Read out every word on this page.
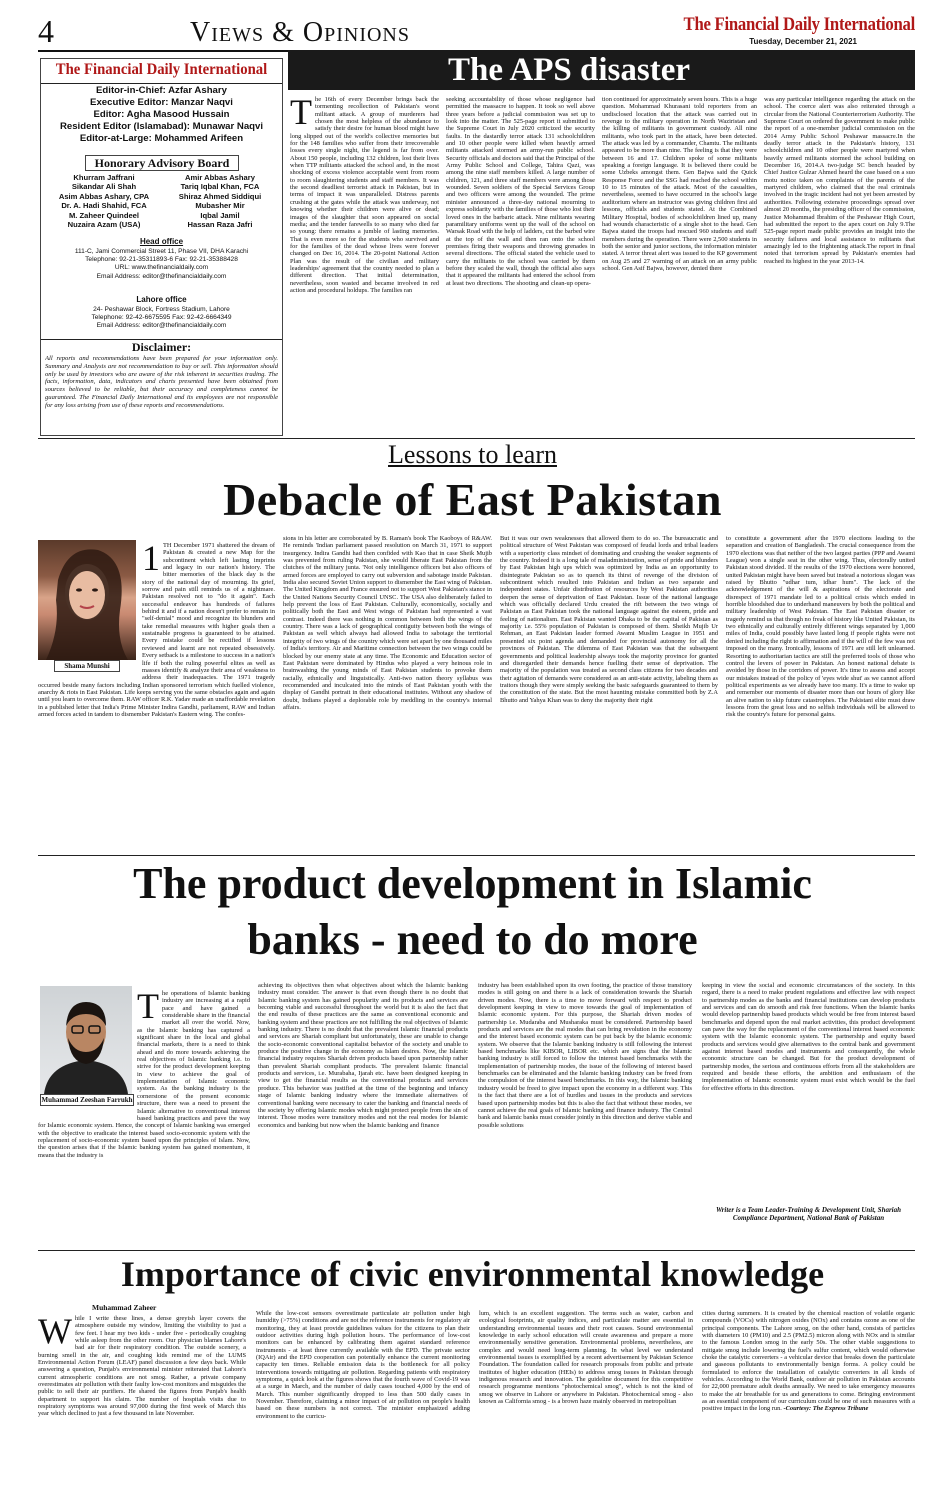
4	Views & Opinions	The Financial Daily International
Tuesday, December 21, 2021
The Financial Daily International
Editor-in-Chief: Azfar Ashary
Executive Editor: Manzar Naqvi
Editor: Agha Masood Hussain
Resident Editor (Islamabad): Munawar Naqvi
Editor-at-Large: Mohammed Arifeen
Honorary Advisory Board
Khurram Jaffrani
Sikandar Ali Shah
Asim Abbas Ashary, CPA
Dr. A. Hadi Shahid, FCA
M. Zaheer Quindeel
Nuzaira Azam (USA)
Amir Abbas Ashary
Tariq Iqbal Khan, FCA
Shiraz Ahmed Siddiqui
Mubasher Mir
Iqbal Jamil
Hassan Raza Jafri
Head office
111-C, Jami Commercial Street 11, Phase VII, DHA Karachi
Telephone: 92-21-35311893-6 Fax: 92-21-35388428
URL: www.thefinancialdaily.com
Email Address: editor@thefinancialdaily.com
Lahore office
24- Peshawar Block, Fortress Stadium, Lahore
Telephone: 92-42-6675595 Fax: 92-42-6664349
Email Address: editor@thefinancialdaily.com
Disclaimer:
All reports and recommendations have been prepared for your information only. Summary and Analysis are not recommendation to buy or sell. This information should only be used by investors who are aware of the risk inherent in securities trading. The facts, information, data, indicators and charts presented have been obtained from sources believed to be reliable, but their accuracy and completeness cannot be guaranteed. The Financial Daily International and its employees are not responsible for any loss arising from use of these reports and recommendations.
The APS disaster
The 16th of every December brings back the tormenting recollection of Pakistan's worst militant attack. A group of murderers had chosen the most helpless of the abundance to satisfy their desire for human blood might have long slipped out of the world's collective memories but for the 148 families who suffer from their irrecoverable losses every single night, the legend is far from over. About 150 people, including 132 children, lost their lives when TTP militants attacked the school and, in the most shocking of excess violence acceptable went from room to room slaughtering students and staff members. It was the second deadliest terrorist attack in Pakistan, but in terms of impact it was unparalleled. Distress parents crushing at the gates while the attack was underway, not knowing whether their children were alive or dead; images of the slaughter that soon appeared on social media; and the tender farewells to so many who died far so young: there remains a jumble of lasting memories. That is even more so for the students who survived and for the families of the dead whose lives were forever changed on Dec 16, 2014. The 20-point National Action Plan was the result of the civilian and military leaderships' agreement that the country needed to plan a different direction. That initial determination, nevertheless, soon wasted and became involved in red action and procedural holdups. The families ran
seeking accountability of those whose negligence had permitted the massacre to happen. It took so well above three years before a judicial commission was set up to look into the matter. The 525-page report it submitted to the Supreme Court in July 2020 criticized the security faults. In the dastardly terror attack 131 schoolchildren and 10 other people were killed when heavily armed militants attacked stormed an army-run public school. Security officials and doctors said that the Principal of the Army Public School and College, Tahira Qazi, was among the nine staff members killed. A large number of children, 121, and three staff members were among those wounded. Seven soldiers of the Special Services Group and two officers were among the wounded. The prime minister announced a three-day national mourning to express solidarity with the families of those who lost their loved ones in the barbaric attack. Nine militants wearing paramilitary uniforms went up the wall of the school on Warsak Road with the help of ladders, cut the barbed wire at the top of the wall and then ran onto the school premises firing their weapons and throwing grenades in several directions. The official stated the vehicle used to carry the militants to the school was carried by them before they scaled the wall, though the official also says that it appeared the militants had entered the school from at least two directions. The shooting and clean-up opera-
tion continued for approximately seven hours. This is a huge question. Mohammad Khurasani told reporters from an undisclosed location that the attack was carried out in revenge to the military operation in North Waziristan and the killing of militants in government custody. All nine militants, who took part in the attack, have been detected. The attack was led by a commander, Chamtu. The militants appeared to be more than nine. The feeling is that they were between 16 and 17. Children spoke of some militants speaking a foreign language. It is believed there could be some Uzbeks amongst them. Gen Bajwa said the Quick Response Force and the SSG had reached the school within 10 to 15 minutes of the attack. Most of the casualties, nevertheless, seemed to have occurred in the school's large auditorium where an instructor was giving children first aid lessons, officials and students stated. At the Combined Military Hospital, bodies of schoolchildren lined up, many had wounds characteristic of a single shot to the head. Gen Bajwa stated the troops had rescued 960 students and staff members during the operation. There were 2,500 students in both the senior and junior sections, the information minister stated. A terror threat alert was issued to the KP government on Aug 25 and 27 warning of an attack on an army public school. Gen Asif Bajwa, however, denied there
was any particular intelligence regarding the attack on the school. The coerce alert was also reiterated through a circular from the National Counterterrorism Authority. The Supreme Court on ordered the government to make public the report of a one-member judicial commission on the 2014 Army Public School Peshawar massacre.In the deadly terror attack in the Pakistan's history, 131 schoolchildren and 10 other people were martyred when heavily armed militants stormed the school building on December 16, 2014.A two-judge SC bench headed by Chief Justice Gulzar Ahmed heard the case based on a suo motu notice taken on complaints of the parents of the martyred children, who claimed that the real criminals involved in the tragic incident had not yet been arrested by authorities. Following extensive proceedings spread over almost 20 months, the presiding officer of the commission, Justice Mohammad Ibrahim of the Peshawar High Court, had submitted the report to the apex court on July 9.The 525-page report made public provides an insight into the security failures and local assistance to militants that amazingly led to the frightening attack.The report in final noted that terrorism spread by Pakistan's enemies had reached its highest in the year 2013-14.
Lessons to learn
Debacle of East Pakistan
Shama Munshi
1 TH December 1971 shattered the dream of Pakistan & created a new Map for the subcontinent which left lasting imprints and legacy in our nation's history. The bitter memories of the black day is the story of the national day of mourning. Its grief, sorrow and pain still reminds us of a nightmare. Pakistan resolved not to "do it again". Each successful endeavor has hundreds of failures behind it and if a nation doesn't prefer to remain in "self-denial" mood and recognize its blunders and take remedial measures with higher goals then a sustainable progress is guaranteed to be attained. Every mistake could be rectified if lessons reviewed and learnt are not repeated obsessively. Every setback is a milestone to success in a nation's life if both the ruling powerful elites as well as masses identify & analyze their area of weakness to address their inadequacies. The 1971 tragedy occurred beside many factors including Indian sponsored terrorism which fuelled violence, anarchy & riots in East Pakistan. Life keeps serving you the same obstacles again and again until you learn to overcome them. RAW officer R.K. Yadav made an unaffordable revelation in a published letter that India's Prime Minister Indira Gandhi, parliament, RAW and Indian armed forces acted in tandem to dismember Pakistan's Eastern wing. The confes-
sions in his letter are corroborated by B. Raman's book The Kaoboys of R&AW. He reminds 'Indian parliament passed resolution on March 31, 1971 to support insurgency. Indira Gandhi had then confided with Kao that in case Sheik Mujib was prevented from ruling Pakistan, she would liberate East Pakistan from the clutches of the military junta. 'Not only intelligence officers but also officers of armed forces are employed to carry out subversion and sabotage inside Pakistan. India also secured Soviet Union support to dismember the East wing of Pakistan. The United Kingdom and France ensured not to support West Pakistan's stance in the United Nations Security Council UNSC. The USA also deliberately failed to help prevent the loss of East Pakistan. Culturally, economically, socially and politically both the East and West wings of Pakistan had represented a vast contrast. Indeed there was nothing in common between both the wings of the country. There was a lack of geographical contiguity between both the wings of Pakistan as well which always had allowed India to sabotage the territorial integrity of two wings of the country which were set apart by one thousand miles of India's territory. Air and Maritime connection between the two wings could be blocked by our enemy state at any time. The Economic and Education sector of East Pakistan were dominated by Hindus who played a very heinous role in brainwashing the young minds of East Pakistan students to provoke them racially, ethnically and linguistically. Anti-two nation theory syllabus was recommended and inculcated into the minds of East Pakistan youth with the display of Gandhi portrait in their educational institutes. Without any shadow of doubt, Indians played a deplorable role by meddling in the country's internal affairs.
But it was our own weaknesses that allowed them to do so. The bureaucratic and political structure of West Pakistan was composed of feudal lords and tribal leaders with a superiority class mindset of dominating and crushing the weaker segments of the country. Indeed it is a long tale of maladministration, sense of pride and blunders by East Pakistan high ups which was optimized by India as an opportunity to disintegrate Pakistan so as to quench its thirst of revenge of the division of subcontinent which resulted into Pakistan and Indian as two separate and independent states. Unfair distribution of resources by West Pakistan authorities deepen the sense of deprivation of East Pakistan. Issue of the national language which was officially declared Urdu created the rift between the two wings of Pakistan as East Pakistan took the national language against the esteem, pride and feeling of nationalism. East Pakistan wanted Dhaka to be the capital of Pakistan as majority i.e. 55% population of Pakistan is composed of them. Sheikh Mujib Ur Rehman, an East Pakistan leader formed Awami Muslim League in 1951 and presented six point agenda and demanded for provincial autonomy for all the provinces of Pakistan. The dilemma of East Pakistan was that the subsequent governments and political leadership always took the majority province for granted and disregarded their demands hence fuelling their sense of deprivation. The majority of the population was treated as second class citizens for two decades and their agitation of demands were considered as an anti-state activity, labeling them as traitors though they were simply seeking the basic safeguards guaranteed to them by the constitution of the state. But the most haunting mistake committed both by Z.A Bhutto and Yahya Khan was to deny the majority their right
to constitute a government after the 1970 elections leading to the separation and creation of Bangladesh. The crucial consequence from the 1970 elections was that neither of the two largest parties (PPP and Awami League) won a single seat in the other wing. Thus, electorally united Pakistan stood divided. If the results of the 1970 elections were honored, united Pakistan might have been saved but instead a notorious slogan was raised by Bhutto "udhar tum, idhar hum". The lack of the acknowledgement of the will & aspirations of the electorate and disrespect of 1971 mandate led to a political crisis which ended in horrible bloodshed due to underhand maneuvers by both the political and military leadership of West Pakistan. The East Pakistan disaster or tragedy remind us that though no freak of history like United Pakistan, its two ethnically and culturally entirely different wings separated by 1,000 miles of India, could possibly have lasted long if people rights were not denied including the right to affirmation and if the will of the few was not imposed on the many. Ironically, lessons of 1971 are still left unlearned. Resorting to authoritarian tactics are still the preferred tools of those who control the levers of power in Pakistan. An honest national debate is avoided by those in the corridors of power. It's time to assess and accept our mistakes instead of the policy of 'eyes wide shut' as we cannot afford political experiments as we already have too many. It's a time to wake up and remember our moments of disaster more than our hours of glory like an alive nation to skip future catastrophes. The Pakistani elite must draw lessons from the great loss and no selfish individuals will be allowed to risk the country's future for personal gains.
The product development in Islamic
banks - need to do more
Muhammad Zeeshan Farrukh
The operations of Islamic banking industry are increasing at a rapid pace and have gained a considerable share in the financial market all over the world. Now, as the Islamic banking has captured a significant share in the local and global financial markets, there is a need to think ahead and do more towards achieving the real objectives of Islamic banking i.e. to strive for the product development keeping in view to achieve the goal of implementation of Islamic economic system. As the banking industry is the cornerstone of the present economic structure, there was a need to present the Islamic alternative to conventional interest based banking practices and pave the way for Islamic economic system. Hence, the concept of Islamic banking was emerged with the objective to eradicate the interest based socio-economic system with the replacement of socio-economic system based upon the principles of Islam. Now, the question arises that if the Islamic banking system has gained momentum, it means that the industry is
achieving its objectives then what objectives about which the Islamic banking industry must consider. The answer is that even though there is no doubt that Islamic banking system has gained popularity and its products and services are becoming viable and successful throughout the world but it is also the fact that the end results of these practices are the same as conventional economic and banking system and these practices are not fulfilling the real objectives of Islamic banking industry. There is no doubt that the prevalent Islamic financial products and services are Shariah compliant but unfortunately, these are unable to change the socio-economic conventional capitalist behavior of the society and unable to produce the positive change in the economy as Islam desires. Now, the Islamic financial industry requires Shariah driven products based upon partnership rather than prevalent Shariah compliant products. The prevalent Islamic financial products and services, i.e. Murabaha, Ijarah etc. have been designed keeping in view to get the financial results as the conventional products and services produce. This behavior was justified at the time of the beginning and infancy stage of Islamic banking industry where the immediate alternatives of conventional banking were necessary to cater the banking and financial needs of the society by offering Islamic modes which might protect people from the sin of interest. Those modes were transitory modes and not the real modes for Islamic economics and banking but now when the Islamic banking and finance
industry has been established upon its own footing, the practice of those transitory modes is still going on and there is a lack of consideration towards the Shariah driven modes. Now, there is a time to move forward with respect to product development keeping in view to move towards the goal of implementation of Islamic economic system. For this purpose, the Shariah driven modes of partnership i.e. Mudaraba and Musharaka must be considered. Partnership based products and services are the real modes that can bring revolution in the economy and the interest based economic system can be put back by the Islamic economic system. We observe that the Islamic banking industry is still following the interest based benchmarks like KIBOR, LIBOR etc. which are signs that the Islamic banking industry is still forced to follow the interest based benchmarks with the implementation of partnership modes, the issue of the following of interest based benchmarks can be eliminated and the Islamic banking industry can be freed from the compulsion of the interest based benchmarks. In this way, the Islamic banking industry would be freed to give impact upon the economy in a different way. This is the fact that there are a lot of hurdles and issues in the products and services based upon partnership modes but this is also the fact that without these modes, we cannot achieve the real goals of Islamic banking and finance industry. The Central bank and Islamic banks must consider jointly in this direction and derive viable and possible solutions
keeping in view the social and economic circumstances of the society. In this regard, there is a need to make prudent regulations and effective law with respect to partnership modes as the banks and financial institutions can develop products and services and can do smooth and risk free functions. When the Islamic banks would develop partnership based products which would be free from interest based benchmarks and depend upon the real market activities, this product development can pave the way for the replacement of the conventional interest based economic system with the Islamic economic system. The partnership and equity based products and services would give alternatives to the central bank and government against interest based modes and instruments and consequently, the whole economic structure can be changed. But for the product development of partnership modes, the serious and continuous efforts from all the stakeholders are required and beside these efforts, the ambition and enthusiasm of the implementation of Islamic economic system must exist which would be the fuel for effective efforts in this direction.
Writer is a Team Leader-Training & Development Unit, Shariah Compliance Department, National Bank of Pakistan
Importance of civic environmental knowledge
Muhammad Zaheer
While I write these lines, a dense greyish layer covers the atmosphere outside my window, limiting the visibility to just a few feet. I hear my two kids - under five - periodically coughing while asleep from the other room. Our physician blames Lahore's bad air for their respiratory condition. The outside scenery, a burning smell in the air, and coughing kids remind me of the LUMS Environmental Action Forum (LEAF) panel discussion a few days back. While answering a question, Punjab's environmental minister reiterated that Lahore's current atmospheric conditions are not smog. Rather, a private company overestimates air pollution with their faulty low-cost monitors and misguides the public to sell their air purifiers. He shared the figures from Punjab's health department to support his claim. The number of hospitals visits due to respiratory symptoms was around 97,000 during the first week of March this year which declined to just a few thousand in late November.
While the low-cost sensors overestimate particulate air pollution under high humidity (>75%) conditions and are not the reference instruments for regulatory air monitoring, they at least provide guidelines values for the citizens to plan their outdoor activities during high pollution hours. The performance of low-cost monitors can be enhanced by calibrating them against standard reference instruments - at least three currently available with the EPD. The private sector (IQAir) and the EPD cooperation can potentially enhance the current monitoring capacity ten times. Reliable emission data is the bottleneck for all policy interventions towards mitigating air pollution. Regarding patients with respiratory symptoms, a quick look at the figures shows that the fourth wave of Covid-19 was at a surge in March, and the number of daily cases touched 4,000 by the end of March. This number significantly dropped to less than 500 daily cases in November. Therefore, claiming a minor impact of air pollution on people's health based on these numbers is not correct. The minister emphasized adding environment to the curricu-
lum, which is an excellent suggestion. The terms such as water, carbon and ecological footprints, air quality indices, and particulate matter are essential in understanding environmental issues and their root causes. Sound environmental knowledge in early school education will create awareness and prepare a more environmentally sensitive generation. Environmental problems, nevertheless, are complex and would need long-term planning. In what level we understand environmental issues is exemplified by a recent advertisement by Pakistan Science Foundation. The foundation called for research proposals from public and private institutes of higher education (HEIs) to address smog issues in Pakistan through indigenous research and innovation. The guideline document for this competitive research programme mentions "photochemical smog", which is not the kind of smog we observe in Lahore or anywhere in Pakistan. Photochemical smog - also known as California smog - is a brown haze mainly observed in metropolitan
cities during summers. It is created by the chemical reaction of volatile organic compounds (VOCs) with nitrogen oxides (NOx) and contains ozone as one of the principal components. The Lahore smog, on the other hand, consists of particles with diameters 10 (PM10) and 2.5 (PM2.5) micron along with NOx and is similar to the famous London smog in the early 50s. The other viable suggestions to mitigate smog include lowering the fuel's sulfur content, which would otherwise choke the catalytic converters - a vehicular device that breaks down the particulate and gaseous pollutants to environmentally benign forms. A policy could be formulated to enforce the installation of catalytic converters in all kinds of vehicles. According to the World Bank, outdoor air pollution in Pakistan accounts for 22,000 premature adult deaths annually. We need to take emergency measures to make the air breathable for us and generations to come. Bringing environment as an essential component of our curriculum could be one of such measures with a positive impact in the long run. -Courtesy: The Express Tribune
